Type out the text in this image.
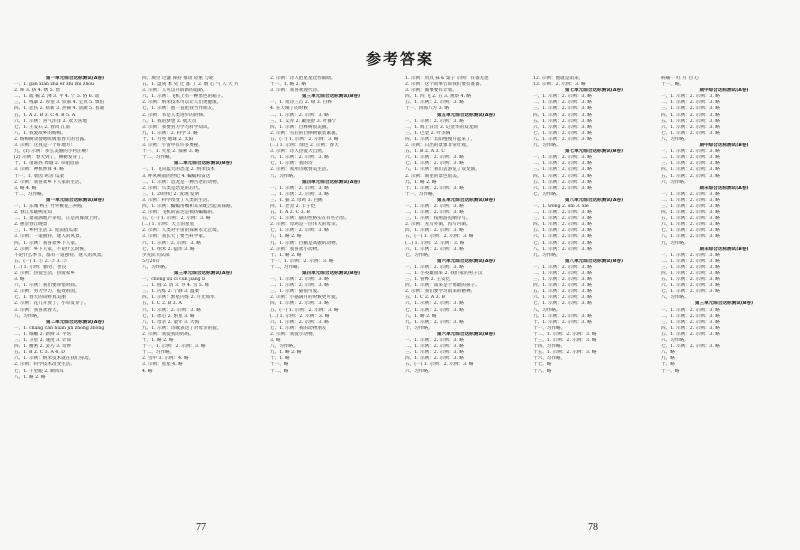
参考答案
第一单元综合达标测试(A卷)
一、1. gǎn xiǎn zhà ér zhī zhī zhōu
2. 哆 3. 挤 4. 绣 5. 傍
二、1. 疏 稀 2. 沸 3. 平 4. 宁 5. 俗 6. 谣
三、1. 残暴 2. 厚望 3. 钦慕 4. 宝贝 5. 惧怕
四、1. 悲伤 2. 崭新 3. 热闹 4. 清澈 5. 普通
五、1. A 2. B 3. C 4. B 5. A
六、1. 示例：喜气洋洋 2. 欢天喜地
七、1. 王安石 2. 春风 江南
八、1. 我爱故乡的杨梅。
2. 杨梅树贪婪地吮吸着春天的甘露。
3. 示例：这真是一个好地方！
九、(1) 示例：多么美丽的小村庄啊！
(2) 示例：春天到了，柳树发芽了。
十、1. 诸葛亮 周瑜 2. 草船借箭
3. 示例：神机妙算 4. 略
十一、1. 菜园 鸡舍 瓜架
2. 示例：我喜欢乡下人家的生活。
3. 略 4. 略
十二、习作略。
第一单元综合达标测试(B卷)
一、1. 东城 鸭子 竹外桃花三两枝
2. 春江水暖鸭先知
二、1. 蒌蒿满地芦芽短，正是河豚欲上时。
2. 惠崇春江晚景
三、1. 乡村生活 2. 屋前搭瓜架
3. 示例：一道独特、迷人的风景。
四、1. 示例：我喜欢乡下人家。
2. 示例：乡下人家，不论什么时候，
不论什么季节，都有一道独特、迷人的风景。
五、(一) 1. ① 2. ② 3. ②
(二) 1. 示例：勤劳、善良
2. 示例：热爱生活，热爱家乡
3. 略
六、1. 示例：我们要珍惜时间。
2. 示例：努力学习，报效祖国。
七、1. 春天的田野真美丽
2. 示例：花儿开放了，小草发芽了。
3. 示例：我喜欢春天。
八、习作略。
第二单元综合达标测试(A卷)
一、1. chǎng cǎn huàn jǐn zhōng zhōng
二、1. 细嫩 2. 新鲜 3. 平常
三、1. 卫星 2. 速度 3. 计算
四、1. 精密 2. 灵巧 3. 奇妙
五、1. B 2. C 3. A 4. D
六、1. 示例：纳米技术就在我们身边。
2. 示例：科学技术改变生活。
七、1. 千里眼 2. 顺风耳
八、1. 略 2. 略
四、填空 过滤 保持 推动 轻重 与轮
五、1. 盘庚 本 史 迁 都 了 2. 数 心 气 人 天 方
3. 示例：人可以开辟新的道路。
六、1. 示例：飞机上有一种黑色的箱子。
2. 示例：纳米技术可以让人们更健康。
七、1. 示例：他一直把我当作朋友。
2. 示例：书是人类进步的阶梯。
八、1. 我的梦想 2. 航天员
3. 示例：我要努力学习科学知识。
九、1. 示例：2. 科学 3. 略
十、1. 月亮 地球 2. 太阳
3. 示例：宇宙中有许多奥秘。
十一、1. 火星 2. 探索 3. 略
十二、习作略。
第二单元综合达标测试(B卷)
一、1. 飞向蓝天的恐龙 2. 纳米技术
3. 呼风唤雨的世纪 4. 蝙蝠和雷达
二、1. 示例：恐龙是一种古老的动物。
2. 示例：鸟类是恐龙的后代。
三、1. 20世纪 2. 发现 发明
3. 示例：科学改变了人类的生活。
四、1. 示例：蝙蝠用嘴和耳朵配合起来探路。
2. 示例：飞机的雷达是模仿蝙蝠的。
五、(一) 1. 示例：2. 示例：3. 略
(二) 1. 示例：天上的星星
2. 示例：人类对宇宙的探索永无止境。
3. 示例：我长大了要当科学家。
六、1. 示例：2. 示例：3. 略
七、1. 纳米 2. 隐形 3. 略
少先队大队部
5月20日
八、习作略。
第三单元综合达标测试(A卷)
一、chōng sù cì cùn jiàng lì
二、1. 圆 2. 清 3. 寻 4. 雪 5. 辉
三、1. 闪烁 2. 宁静 3. 温柔
四、1. 示例：繁星闪烁 2. 月光如水
五、1. C 2. B 3. A
六、1. 示例：2. 示例：3. 略
七、1. 冰心 2. 繁星 3. 略
八、1. 母亲 2. 童年 3. 大海
九、1. 示例：诗歌表达了对母亲的爱。
2. 示例：我爱我的妈妈。
十、1. 略 2. 略
十一、1. 示例：2. 示例：3. 略
十二、习作略。
2. 雪中 3. 示例：4. 略
3. 示例：星星 4. 略
4. 略
2. 示例：诗人把星星比作眼睛。
十一、1. 略 2. 略
3. 示例：我喜欢现代诗。
第三单元综合达标测试(B卷)
一、1. 短诗三首 2. 绿 3. 白桦
4. 在天晴了的时候
二、1. 示例：2. 示例：3. 略
三、1. 艾青 2. 戴望舒 3. 叶赛宁
四、1. 示例：白桦树很美丽。
2. 示例：雪后的白桦树银装素裹。
五、(一) 1. 示例：2. 示例：3. 略
(二) 1. 示例：绿色 2. 示例：春天
3. 示例：诗人热爱大自然。
六、1. 示例：2. 示例：3. 略
七、1. 示例：我的诗
2. 示例：我用诗歌赞美生活。
八、习作略。
第四单元综合达标测试(A卷)
一、1. 示例：2. 示例：3. 略
二、1. 示例：2. 示例：3. 略
三、1. 猫 2. 母鸡 3. 白鹅
四、1. 老舍 2. 丰子恺
五、1. A 2. C 3. B
六、1. 示例：猫的性格实在有些古怪。
2. 示例：母鸡是一位伟大的母亲。
七、1. 示例：2. 示例：3. 略
八、1. 略 2. 略
九、1. 示例：白鹅是高傲的动物。
2. 示例：我喜欢小动物。
十、1. 略 2. 略
十一、1. 示例：2. 示例：3. 略
十二、习作略。
第四单元综合达标测试(B卷)
一、1. 示例：2. 示例：3. 略
二、1. 示例：2. 示例：3. 略
三、1. 示例：猫很可爱。
2. 示例：小猫满月的时候更可爱。
四、1. 示例：2. 示例：3. 略
五、(一) 1. 示例：2. 示例：3. 略
(二) 1. 示例：2. 示例：3. 略
六、1. 示例：2. 示例：3. 略
七、1. 示例：我的动物朋友
2. 示例：我爱小动物。
3. 略
八、习作略。
九、1. 略 2. 略
十、1. 略
十一、略
十二、略
1. 示例：用具 抹布 桌子 示例：有备无患
2. 示例：这个故事告诉我们要有准备。
3. 示例：做事要有计划。
四、1. 四 飞 2. 五 3. 观察 4. 略
五、1. 示例：2. 示例：3. 略
十一、四海八方 3. 略
第五单元综合达标测试(A卷)
一、1. 示例：2. 示例：3. 略
二、1. 海上日出 2. 记金华的双龙洞
三、1. 巴金 2. 叶圣陶
四、1. 示例：太阳慢慢升起来了。
2. 示例：日出的景象非常壮观。
五、1. B 2. A 3. C
六、1. 示例：2. 示例：3. 略
七、1. 示例：2. 示例：3. 略
八、1. 示例：我们去游览了双龙洞。
2. 示例：洞里的景色很美。
九、1. 略 2. 略
十、1. 示例：2. 示例：3. 略
十一、习作略。
第五单元综合达标测试(B卷)
一、1. 示例：2. 示例：3. 略
二、1. 示例：2. 示例：3. 略
三、1. 示例：按照游览顺序写。
2. 示例：先写外洞，再写内洞。
四、1. 示例：2. 示例：3. 略
五、(一) 1. 示例：2. 示例：3. 略
(二) 1. 示例：2. 示例：3. 略
六、1. 示例：2. 示例：3. 略
七、习作略。
第六单元综合达标测试(A卷)
一、1. 示例：2. 示例：3. 略
二、1. 小英雄雨来 2. 我们家的男子汉
三、1. 管桦 2. 王安忆
四、1. 示例：雨来是个勇敢的孩子。
2. 示例：我们要学习雨来的精神。
五、1. C 2. A 3. B
六、1. 示例：2. 示例：3. 略
七、1. 示例：2. 示例：3. 略
八、1. 略 2. 略
九、1. 示例：2. 示例：3. 略
十、习作略。
第六单元综合达标测试(B卷)
一、1. 示例：2. 示例：3. 略
二、1. 示例：2. 示例：3. 略
三、1. 示例：2. 示例：3. 略
四、1. 示例：2. 示例：3. 略
五、(一) 1. 示例：2. 示例：3. 略
六、习作略。
12. 示例：他就是雨来。
13. 示例：2. 示例：3. 略
第七单元综合达标测试(A卷)
一、1. 示例：2. 示例：3. 略
二、1. 示例：2. 示例：3. 略
三、1. 示例：2. 示例：3. 略
四、1. 示例：2. 示例：3. 略
五、1. 示例：2. 示例：3. 略
六、1. 示例：2. 示例：3. 略
七、1. 示例：2. 示例：3. 略
八、1. 示例：2. 示例：3. 略
九、习作略。
第七单元综合达标测试(B卷)
一、1. 示例：2. 示例：3. 略
二、1. 示例：2. 示例：3. 略
三、1. 示例：2. 示例：3. 略
四、1. 示例：2. 示例：3. 略
五、1. 示例：2. 示例：3. 略
六、1. 示例：2. 示例：3. 略
七、习作略。
第八单元综合达标测试(A卷)
一、1. wěng 2. shì 3. xiè
二、1. 示例：2. 示例：3. 略
三、1. 示例：2. 示例：3. 略
四、1. 示例：2. 示例：3. 略
五、1. 示例：2. 示例：3. 略
六、1. 示例：2. 示例：3. 略
七、1. 示例：2. 示例：3. 略
八、1. 示例：2. 示例：3. 略
九、习作略。
第八单元综合达标测试(B卷)
一、1. 示例：2. 示例：3. 略
二、1. 示例：2. 示例：3. 略
三、1. 示例：2. 示例：3. 略
四、1. 示例：2. 示例：3. 略
五、1. 示例：2. 示例：3. 略
六、1. 示例：2. 示例：3. 略
七、1. 示例：2. 示例：3. 略
八、习作略。
九、1. 示例：2. 示例：3. 略
十、1. 示例：2. 示例：3. 略
十一、习作略。
十二、1. 示例：2. 示例：3. 略
十三、1. 示例：2. 示例：3. 略
十四、习作略。
十五、1. 示例：2. 示例：3. 略
十六、习作略。
十七、略
十八、略
病痛一 红 月 白 心
十一、略。
期中综合达标测试(A卷)
一、1. 示例：2. 示例：3. 略
二、1. 示例：2. 示例：3. 略
三、1. 示例：2. 示例：3. 略
四、1. 示例：2. 示例：3. 略
五、1. 示例：2. 示例：3. 略
六、1. 示例：2. 示例：3. 略
七、1. 示例：2. 示例：3. 略
八、习作略。
期中综合达标测试(B卷)
一、1. 示例：2. 示例：3. 略
二、1. 示例：2. 示例：3. 略
三、1. 示例：2. 示例：3. 略
四、1. 示例：2. 示例：3. 略
五、1. 示例：2. 示例：3. 略
六、习作略。
期末综合达标测试(A卷)
一、1. 示例：2. 示例：3. 略
二、1. 示例：2. 示例：3. 略
三、1. 示例：2. 示例：3. 略
四、1. 示例：2. 示例：3. 略
五、1. 示例：2. 示例：3. 略
六、1. 示例：2. 示例：3. 略
七、1. 示例：2. 示例：3. 略
八、1. 示例：2. 示例：3. 略
九、习作略。
期末综合达标测试(B卷)
一、1. 示例：2. 示例：3. 略
二、1. 示例：2. 示例：3. 略
三、1. 示例：2. 示例：3. 略
四、1. 示例：2. 示例：3. 略
五、1. 示例：2. 示例：3. 略
六、1. 示例：2. 示例：3. 略
七、1. 示例：2. 示例：3. 略
八、习作略。
第三单元综合达标测试(B卷)
一、1. 示例：2. 示例：3. 略
二、1. 示例：2. 示例：3. 略
三、1. 示例：2. 示例：3. 略
四、1. 示例：2. 示例：3. 略
五、1. 示例：2. 示例：3. 略
六、习作略。
七、1. 示例：2. 示例：3. 略
八、略
九、略
十、略
十一、略
77	78
